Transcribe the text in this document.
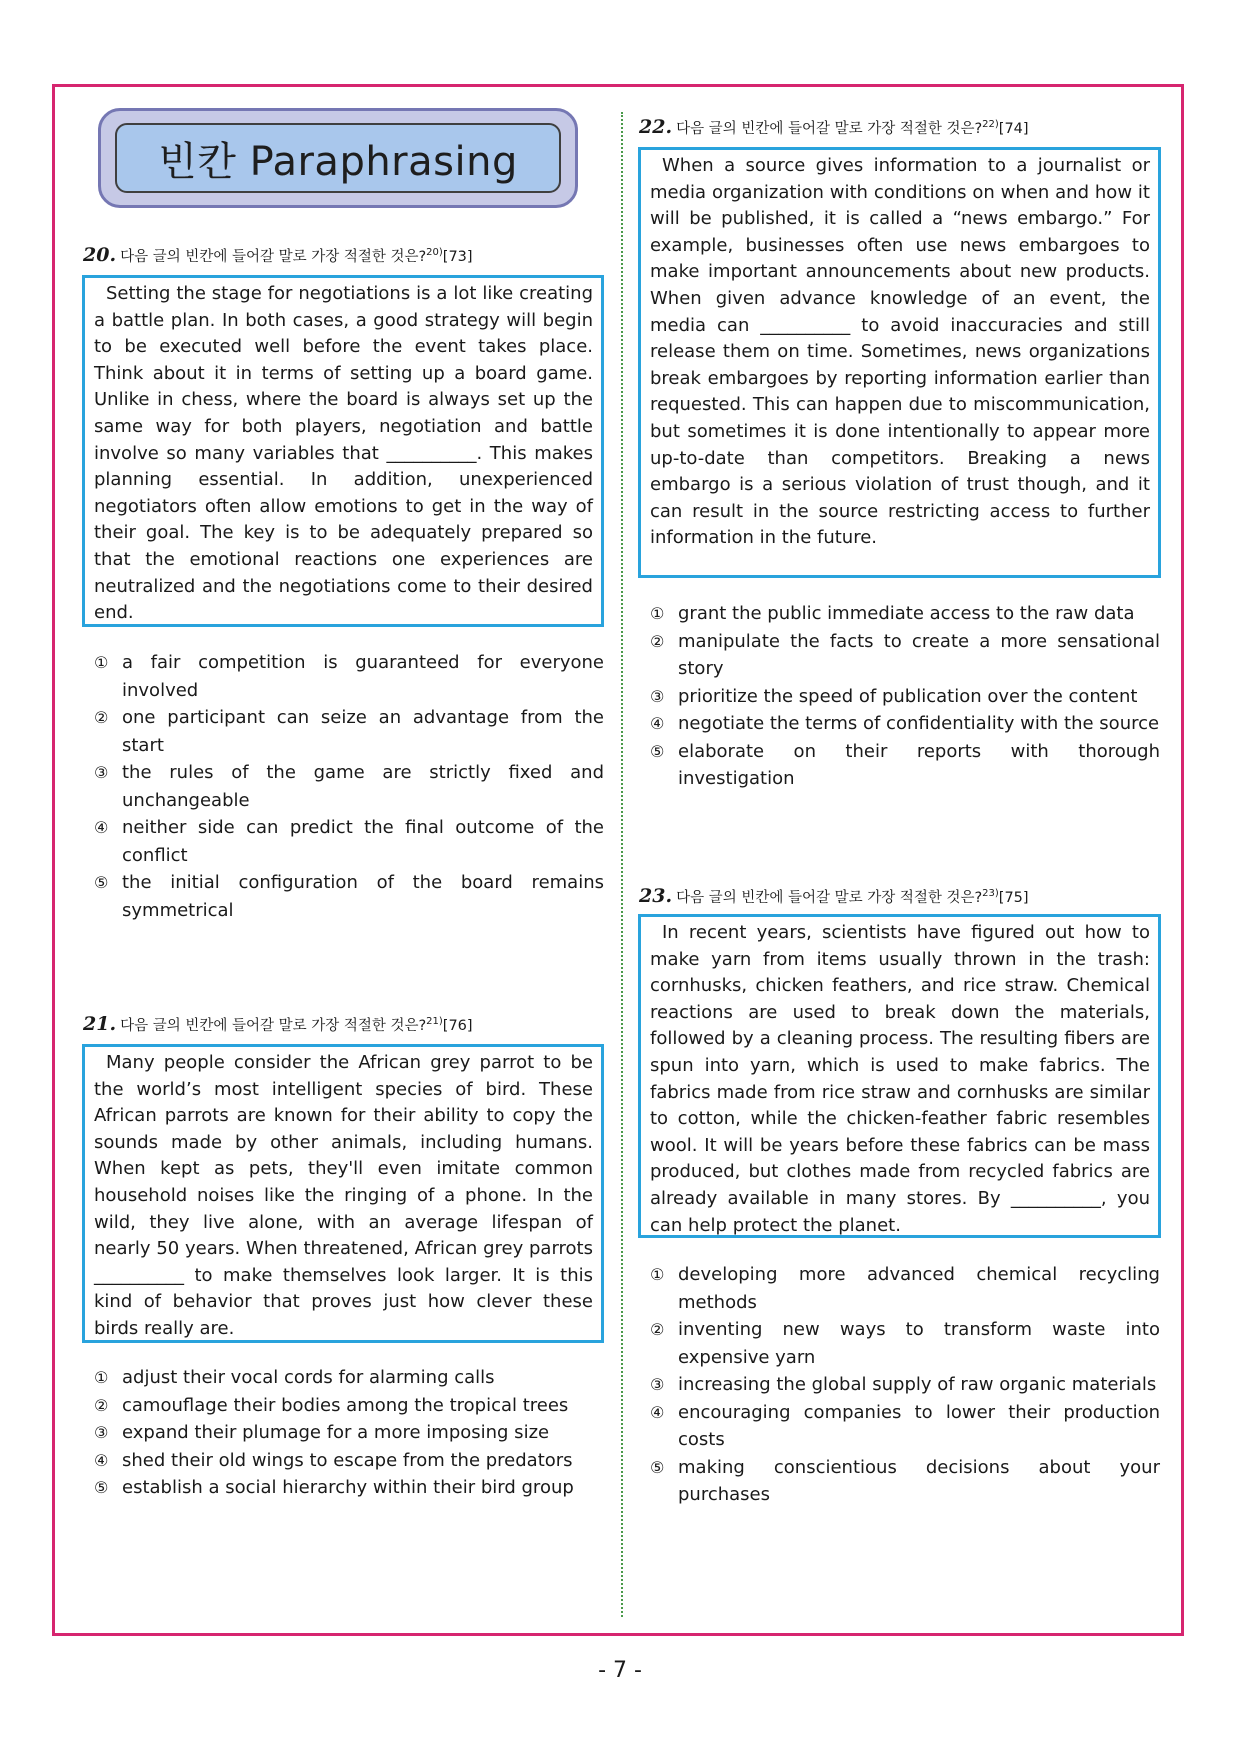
빈칸 Paraphrasing
20. 다음 글의 빈칸에 들어갈 말로 가장 적절한 것은?$^{20)}$[73]
Setting the stage for negotiations is a lot like creating a battle plan. In both cases, a good strategy will begin to be executed well before the event takes place. Think about it in terms of setting up a board game. Unlike in chess, where the board is always set up the same way for both players, negotiation and battle involve so many variables that __________. This makes planning essential. In addition, unexperienced negotiators often allow emotions to get in the way of their goal. The key is to be adequately prepared so that the emotional reactions one experiences are neutralized and the negotiations come to their desired end.
① a fair competition is guaranteed for everyone involved
② one participant can seize an advantage from the start
③ the rules of the game are strictly fixed and unchangeable
④ neither side can predict the final outcome of the conflict
⑤ the initial configuration of the board remains symmetrical
21. 다음 글의 빈칸에 들어갈 말로 가장 적절한 것은?$^{21)}$[76]
Many people consider the African grey parrot to be the world’s most intelligent species of bird. These African parrots are known for their ability to copy the sounds made by other animals, including humans. When kept as pets, they'll even imitate common household noises like the ringing of a phone. In the wild, they live alone, with an average lifespan of nearly 50 years. When threatened, African grey parrots __________ to make themselves look larger. It is this kind of behavior that proves just how clever these birds really are.
① adjust their vocal cords for alarming calls
② camouflage their bodies among the tropical trees
③ expand their plumage for a more imposing size
④ shed their old wings to escape from the predators
⑤ establish a social hierarchy within their bird group
22. 다음 글의 빈칸에 들어갈 말로 가장 적절한 것은?$^{22)}$[74]
When a source gives information to a journalist or media organization with conditions on when and how it will be published, it is called a “news embargo.” For example, businesses often use news embargoes to make important announcements about new products. When given advance knowledge of an event, the media can __________ to avoid inaccuracies and still release them on time. Sometimes, news organizations break embargoes by reporting information earlier than requested. This can happen due to miscommunication, but sometimes it is done intentionally to appear more up-to-date than competitors. Breaking a news embargo is a serious violation of trust though, and it can result in the source restricting access to further information in the future.
① grant the public immediate access to the raw data
② manipulate the facts to create a more sensational story
③ prioritize the speed of publication over the content
④ negotiate the terms of confidentiality with the source
⑤ elaborate on their reports with thorough investigation
23. 다음 글의 빈칸에 들어갈 말로 가장 적절한 것은?$^{23)}$[75]
In recent years, scientists have figured out how to make yarn from items usually thrown in the trash: cornhusks, chicken feathers, and rice straw. Chemical reactions are used to break down the materials, followed by a cleaning process. The resulting fibers are spun into yarn, which is used to make fabrics. The fabrics made from rice straw and cornhusks are similar to cotton, while the chicken-feather fabric resembles wool. It will be years before these fabrics can be mass produced, but clothes made from recycled fabrics are already available in many stores. By __________, you can help protect the planet.
① developing more advanced chemical recycling methods
② inventing new ways to transform waste into expensive yarn
③ increasing the global supply of raw organic materials
④ encouraging companies to lower their production costs
⑤ making conscientious decisions about your purchases
- 7 -
